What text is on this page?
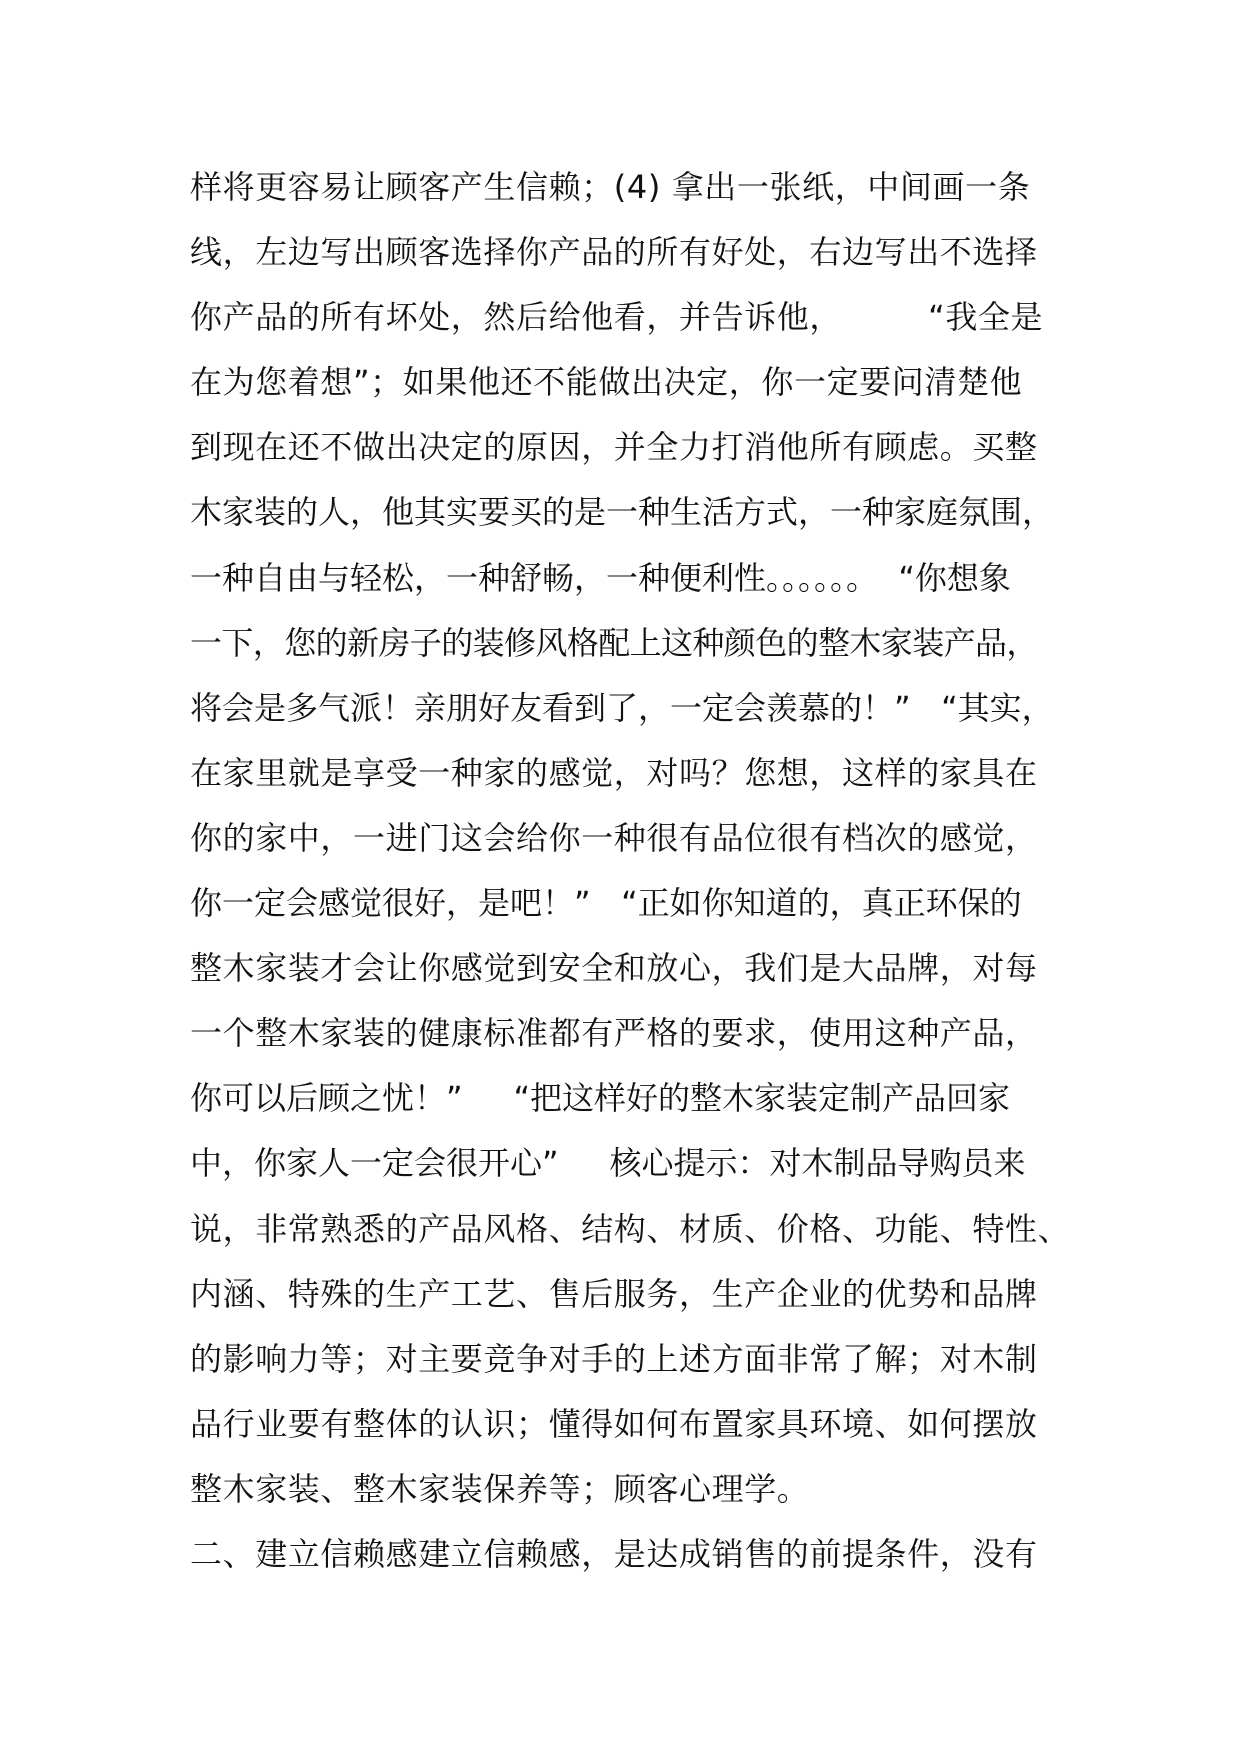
样将更容易让顾客产生信赖；(4) 拿出一张纸，中间画一条
线，左边写出顾客选择你产品的所有好处，右边写出不选择
你产品的所有坏处，然后给他看，并告诉他，        “我全是
在为您着想”；如果他还不能做出决定，你一定要问清楚他
到现在还不做出决定的原因，并全力打消他所有顾虑。买整
木家装的人，他其实要买的是一种生活方式，一种家庭氛围，
一种自由与轻松，一种舒畅，一种便利性。。。。。。  “你想象
一下，您的新房子的装修风格配上这种颜色的整木家装产品，
将会是多气派！亲朋好友看到了，一定会羡慕的！”   “其实，
在家里就是享受一种家的感觉，对吗？您想，这样的家具在
你的家中，一进门这会给你一种很有品位很有档次的感觉，
你一定会感觉很好，是吧！”   “正如你知道的，真正环保的
整木家装才会让你感觉到安全和放心，我们是大品牌，对每
一个整木家装的健康标准都有严格的要求，使用这种产品，
你可以后顾之忧！”     “把这样好的整木家装定制产品回家
中，你家人一定会很开心”     核心提示：对木制品导购员来
说，非常熟悉的产品风格、结构、材质、价格、功能、特性、
内涵、特殊的生产工艺、售后服务，生产企业的优势和品牌
的影响力等；对主要竞争对手的上述方面非常了解；对木制
品行业要有整体的认识；懂得如何布置家具环境、如何摆放
整木家装、整木家装保养等；顾客心理学。
二、建立信赖感建立信赖感，是达成销售的前提条件，没有
